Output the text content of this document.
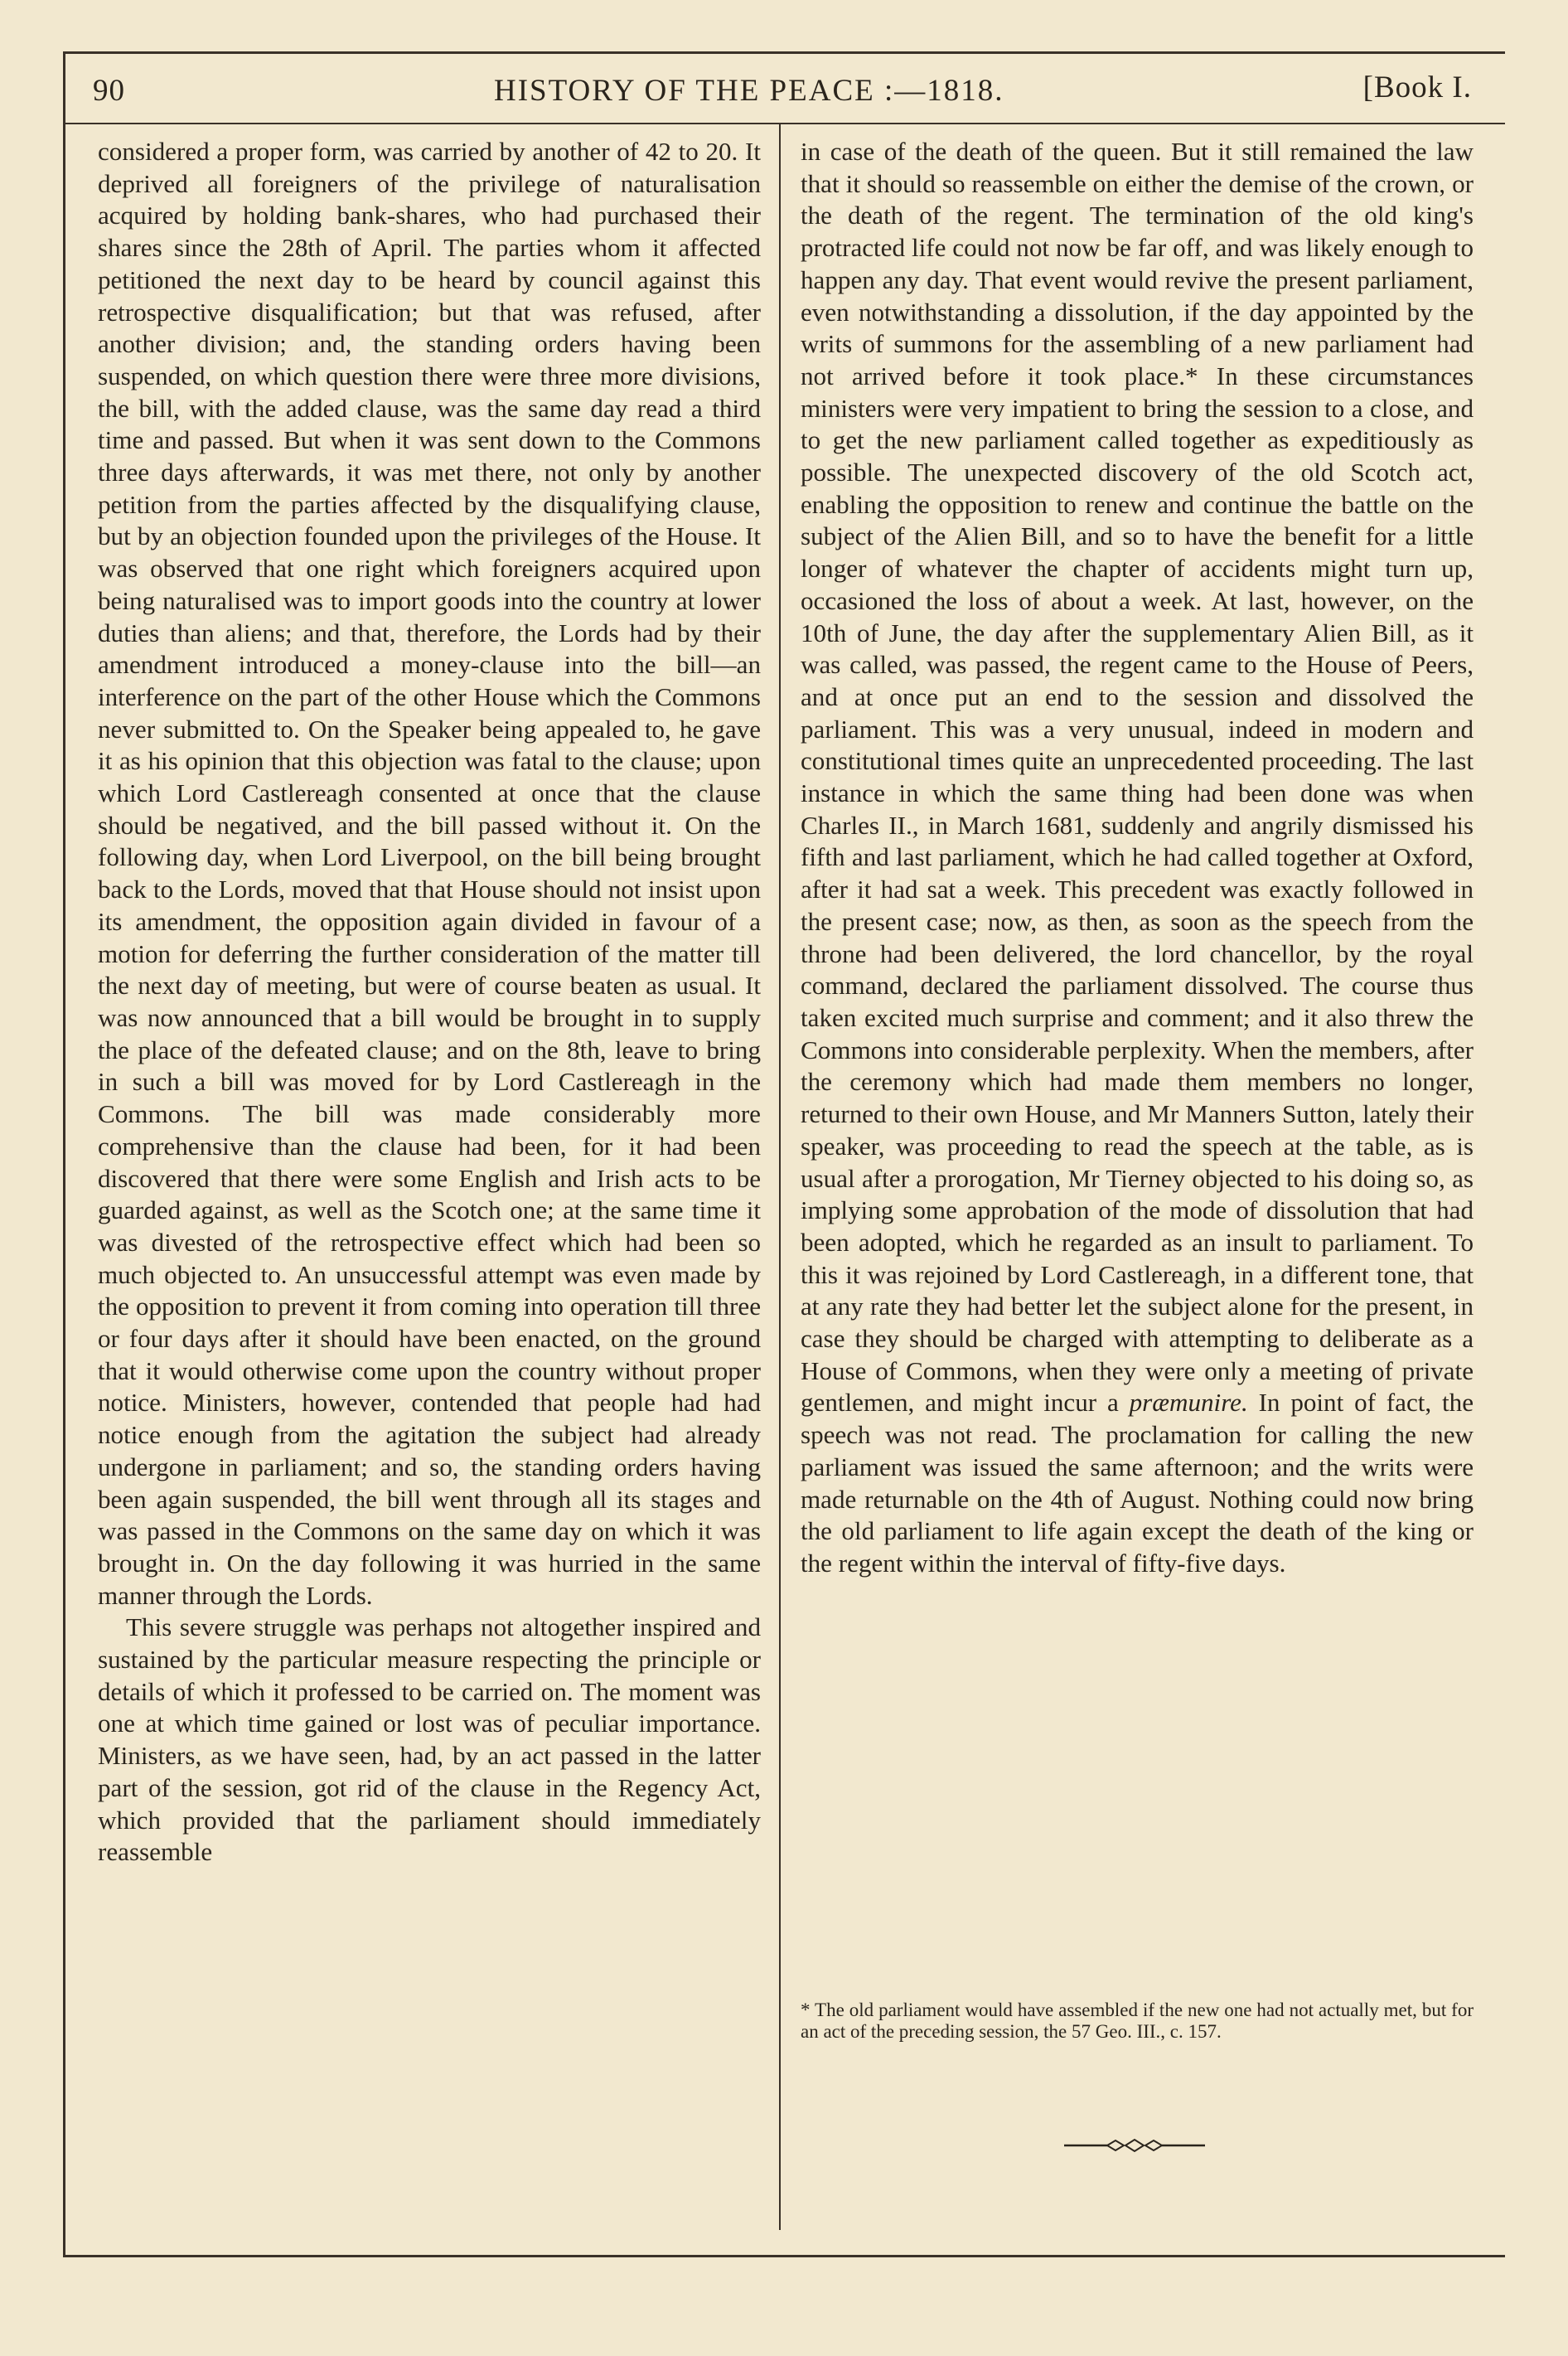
90	HISTORY OF THE PEACE :—1818.	[Book I.

considered a proper form, was carried by another of 42 to 20. It deprived all foreigners of the privilege of naturalisation acquired by holding bank-shares, who had purchased their shares since the 28th of April. The parties whom it affected petitioned the next day to be heard by council against this retrospective disqualification; but that was refused, after another division; and, the standing orders having been suspended, on which question there were three more divisions, the bill, with the added clause, was the same day read a third time and passed. But when it was sent down to the Commons three days afterwards, it was met there, not only by another petition from the parties affected by the disqualifying clause, but by an objection founded upon the privileges of the House. It was observed that one right which foreigners acquired upon being naturalised was to import goods into the country at lower duties than aliens; and that, therefore, the Lords had by their amendment introduced a money-clause into the bill—an interference on the part of the other House which the Commons never submitted to. On the Speaker being appealed to, he gave it as his opinion that this objection was fatal to the clause; upon which Lord Castlereagh consented at once that the clause should be negatived, and the bill passed without it. On the following day, when Lord Liverpool, on the bill being brought back to the Lords, moved that that House should not insist upon its amendment, the opposition again divided in favour of a motion for deferring the further consideration of the matter till the next day of meeting, but were of course beaten as usual. It was now announced that a bill would be brought in to supply the place of the defeated clause; and on the 8th, leave to bring in such a bill was moved for by Lord Castlereagh in the Commons. The bill was made considerably more comprehensive than the clause had been, for it had been discovered that there were some English and Irish acts to be guarded against, as well as the Scotch one; at the same time it was divested of the retrospective effect which had been so much objected to. An unsuccessful attempt was even made by the opposition to prevent it from coming into operation till three or four days after it should have been enacted, on the ground that it would otherwise come upon the country without proper notice. Ministers, however, contended that people had had notice enough from the agitation the subject had already undergone in parliament; and so, the standing orders having been again suspended, the bill went through all its stages and was passed in the Commons on the same day on which it was brought in. On the day following it was hurried in the same manner through the Lords.

This severe struggle was perhaps not altogether inspired and sustained by the particular measure respecting the principle or details of which it professed to be carried on. The moment was one at which time gained or lost was of peculiar importance. Ministers, as we have seen, had, by an act passed in the latter part of the session, got rid of the clause in the Regency Act, which provided that the parliament should immediately reassemble

in case of the death of the queen. But it still remained the law that it should so reassemble on either the demise of the crown, or the death of the regent. The termination of the old king's protracted life could not now be far off, and was likely enough to happen any day. That event would revive the present parliament, even notwithstanding a dissolution, if the day appointed by the writs of summons for the assembling of a new parliament had not arrived before it took place.* In these circumstances ministers were very impatient to bring the session to a close, and to get the new parliament called together as expeditiously as possible. The unexpected discovery of the old Scotch act, enabling the opposition to renew and continue the battle on the subject of the Alien Bill, and so to have the benefit for a little longer of whatever the chapter of accidents might turn up, occasioned the loss of about a week. At last, however, on the 10th of June, the day after the supplementary Alien Bill, as it was called, was passed, the regent came to the House of Peers, and at once put an end to the session and dissolved the parliament. This was a very unusual, indeed in modern and constitutional times quite an unprecedented proceeding. The last instance in which the same thing had been done was when Charles II., in March 1681, suddenly and angrily dismissed his fifth and last parliament, which he had called together at Oxford, after it had sat a week. This precedent was exactly followed in the present case; now, as then, as soon as the speech from the throne had been delivered, the lord chancellor, by the royal command, declared the parliament dissolved. The course thus taken excited much surprise and comment; and it also threw the Commons into considerable perplexity. When the members, after the ceremony which had made them members no longer, returned to their own House, and Mr Manners Sutton, lately their speaker, was proceeding to read the speech at the table, as is usual after a prorogation, Mr Tierney objected to his doing so, as implying some approbation of the mode of dissolution that had been adopted, which he regarded as an insult to parliament. To this it was rejoined by Lord Castlereagh, in a different tone, that at any rate they had better let the subject alone for the present, in case they should be charged with attempting to deliberate as a House of Commons, when they were only a meeting of private gentlemen, and might incur a præmunire. In point of fact, the speech was not read. The proclamation for calling the new parliament was issued the same afternoon; and the writs were made returnable on the 4th of August. Nothing could now bring the old parliament to life again except the death of the king or the regent within the interval of fifty-five days.

* The old parliament would have assembled if the new one had not actually met, but for an act of the preceding session, the 57 Geo. III., c. 157.
